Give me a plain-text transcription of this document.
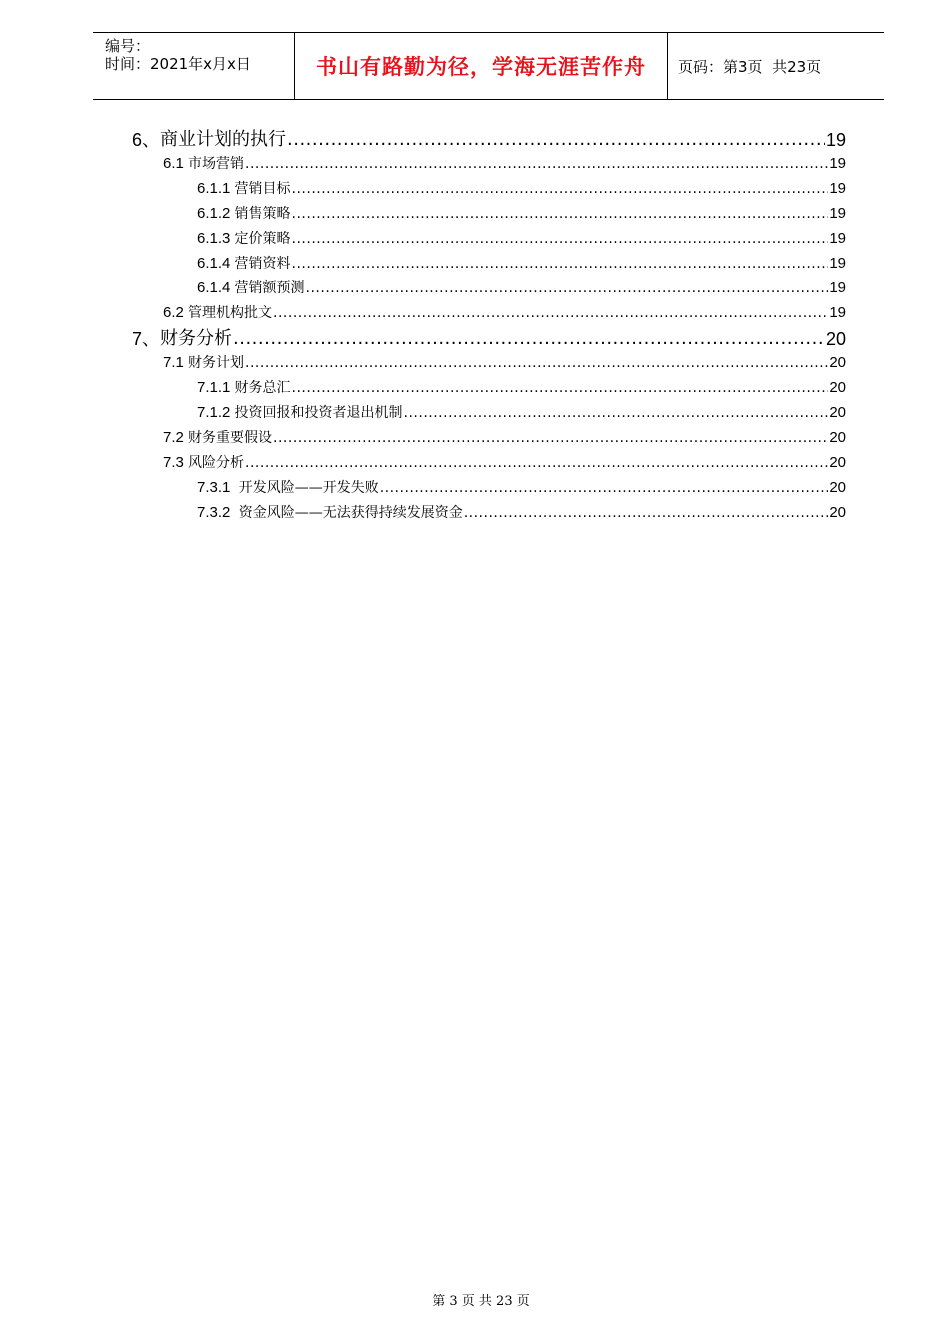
编号：
时间：2021年x月x日	书山有路勤为径，学海无涯苦作舟 页码：第3页  共23页
6、 商业计划的执行 .....	19
6.1 市场营销 .....	19
6.1.1 营销目标 .....	19
6.1.2 销售策略 .....	19
6.1.3 定价策略 .....	19
6.1.4 营销资料 .....	19
6.1.4 营销额预测 .....	19
6.2 管理机构批文 .....	19
7、 财务分析 .....	20
7.1 财务计划 .....	20
7.1.1 财务总汇 .....	20
7.1.2 投资回报和投资者退出机制 .....	20
7.2 财务重要假设 .....	20
7.3 风险分析 .....	20
7.3.1 开发风险——开发失败 .....	20
7.3.2 资金风险——无法获得持续发展资金 .....	20
第 3 页 共 23 页
